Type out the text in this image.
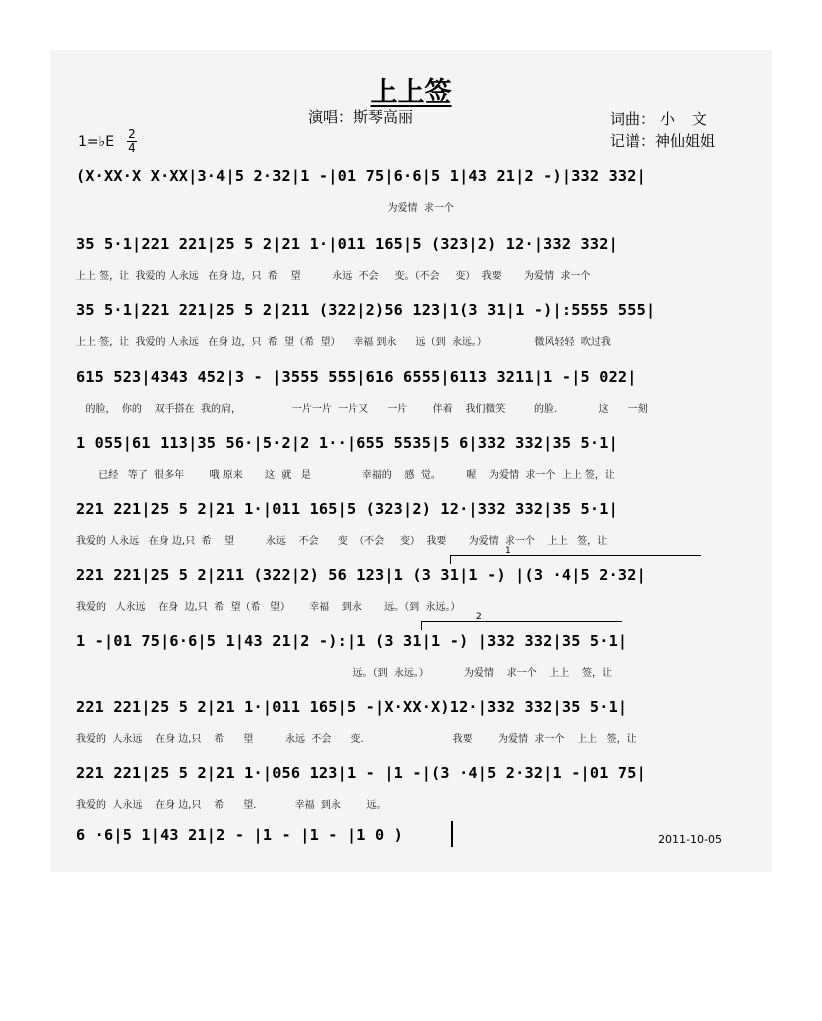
上上签
演唱：斯琴高丽	词曲： 小 文
记谱：神仙姐姐
1=♭E 2
4
(X·XX·X X·XX|3·4|5 2·32|1 -|01 75|6·6|5 1|43 21|2 -)|332 332|
为爱情  求一个
35 5·1|221 221|25 5 2|21 1·|011 165|5 (323|2) 12·|332 332|
上上 签，让  我爱的 人永远   在身 边，只  希    望          永远  不会     变。（不会     变）  我要       为爱情  求一个
35 5·1|221 221|25 5 2|211 (322|2)56 123|1(3 31|1 -)|:5555 555|
上上 签，让  我爱的 人永远   在身 边，只  希  望（希  望）    幸福 到永      远（到  永远。）               微风轻轻  吹过我
615 523|4343 452|3 - |3555 555|616 6555|6113 3211|1 -|5 022|
的脸，  你的    双手搭在  我的肩，                一片一片  一片又      一片        伴着    我们微笑         的脸.             这      一刻
1 055|61 113|35 56·|5·2|2 1··|655 5535|5 6|332 332|35 5·1|
已经   等了  很多年        哦 原来       这  就   是                幸福的    感  觉。        喔    为爱情  求一个  上上 签，让
221 221|25 5 2|21 1·|011 165|5 (323|2) 12·|332 332|35 5·1|
我爱的 人永远   在身 边,只  希    望          永远    不会      变  （不会     变）  我要       为爱情  求一个    上上   签，让
1
221 221|25 5 2|211 (322|2) 56 123|1 (3 31|1 -) |(3 ·4|5 2·32|
我爱的   人永远    在身  边,只  希  望（希   望）      幸福    到永       远。（到  永远。）
2
1 -|01 75|6·6|5 1|43 21|2 -):|1 (3 31|1 -) |332 332|35 5·1|
远。（到  永远。）           为爱情    求一个    上上    签，让
221 221|25 5 2|21 1·|011 165|5 -|X·XX·X)12·|332 332|35 5·1|
我爱的  人永远    在身 边,只    希      望          永远  不会      变.                            我要        为爱情  求一个    上上   签，让
221 221|25 5 2|21 1·|056 123|1 - |1 -|(3 ·4|5 2·32|1 -|01 75|
我爱的  人永远    在身 边,只    希      望.            幸福  到永        远。
6 ·6|5 1|43 21|2 - |1 - |1 - |1 0 )	2011-10-05
